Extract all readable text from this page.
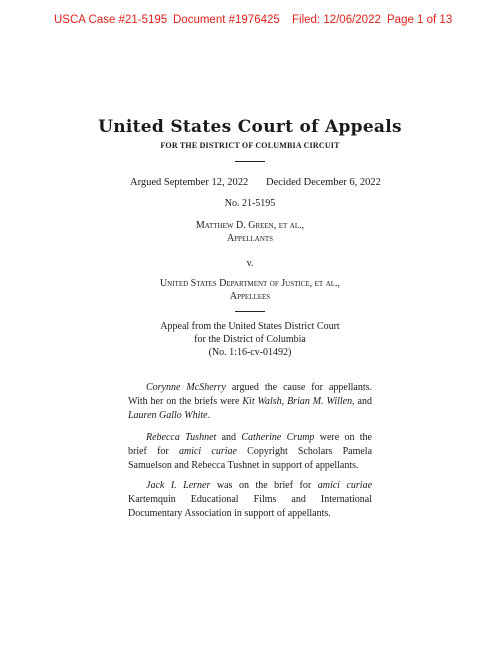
USCA Case #21-5195 Document #1976425 Filed: 12/06/2022 Page 1 of 13
United States Court of Appeals
FOR THE DISTRICT OF COLUMBIA CIRCUIT
Argued September 12, 2022 Decided December 6, 2022
No. 21-5195
Matthew D. Green, et al.,
Appellants
v.
United States Department of Justice, et al.,
Appellees
Appeal from the United States District Court
for the District of Columbia
(No. 1:16-cv-01492)
Corynne McSherry argued the cause for appellants. With her on the briefs were Kit Walsh, Brian M. Willen, and Lauren Gallo White.
Rebecca Tushnet and Catherine Crump were on the brief for amici curiae Copyright Scholars Pamela Samuelson and Rebecca Tushnet in support of appellants.
Jack I. Lerner was on the brief for amici curiae Kartemquin Educational Films and International Documentary Association in support of appellants.
